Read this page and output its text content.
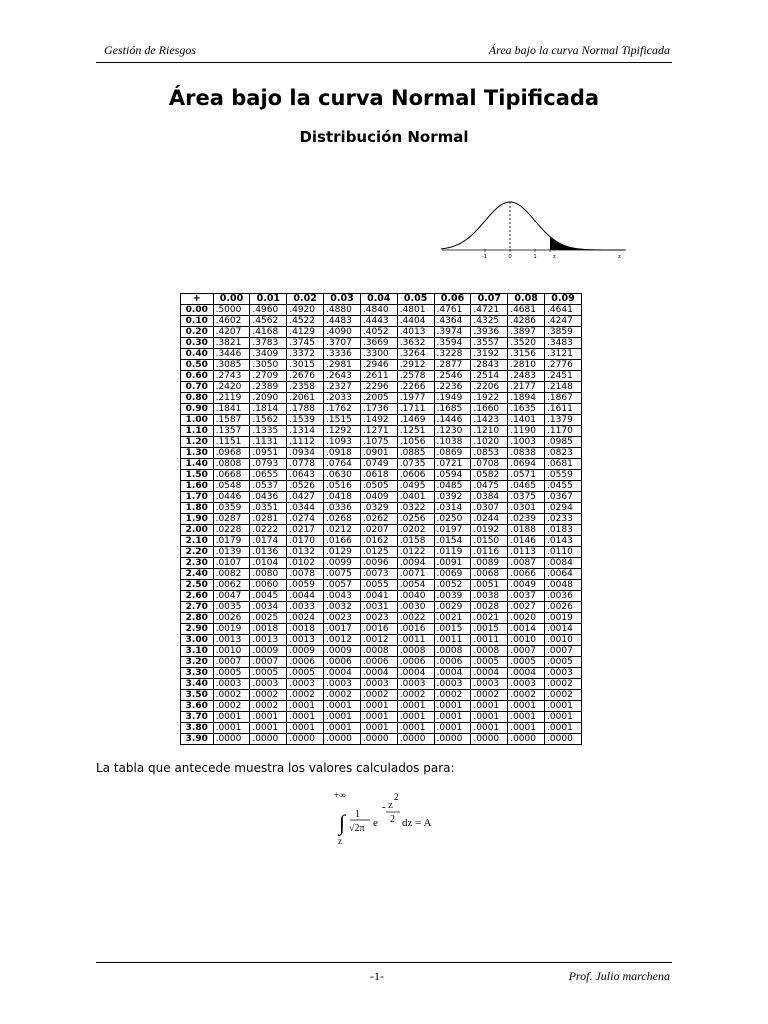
Gestión de Riesgos	Área bajo la curva Normal Tipificada
Área bajo la curva Normal Tipificada
Distribución Normal
-1	0	1	z	z
+	0.00	0.01	0.02	0.03	0.04	0.05	0.06	0.07	0.08	0.09
0.00	.5000	.4960	.4920	.4880	.4840	.4801	.4761	.4721	.4681	.4641
0.10	.4602	.4562	.4522	.4483	.4443	.4404	.4364	.4325	.4286	.4247
0.20	.4207	.4168	.4129	.4090	.4052	.4013	.3974	.3936	.3897	.3859
0.30	.3821	.3783	.3745	.3707	.3669	.3632	.3594	.3557	.3520	.3483
0.40	.3446	.3409	.3372	.3336	.3300	.3264	.3228	.3192	.3156	.3121
0.50	.3085	.3050	.3015	.2981	.2946	.2912	.2877	.2843	.2810	.2776
0.60	.2743	.2709	.2676	.2643	.2611	.2578	.2546	.2514	.2483	.2451
0.70	.2420	.2389	.2358	.2327	.2296	.2266	.2236	.2206	.2177	.2148
0.80	.2119	.2090	.2061	.2033	.2005	.1977	.1949	.1922	.1894	.1867
0.90	.1841	.1814	.1788	.1762	.1736	.1711	.1685	.1660	.1635	.1611
1.00	.1587	.1562	.1539	.1515	.1492	.1469	.1446	.1423	.1401	.1379
1.10	.1357	.1335	.1314	.1292	.1271	.1251	.1230	.1210	.1190	.1170
1.20	.1151	.1131	.1112	.1093	.1075	.1056	.1038	.1020	.1003	.0985
1.30	.0968	.0951	.0934	.0918	.0901	.0885	.0869	.0853	.0838	.0823
1.40	.0808	.0793	.0778	.0764	.0749	.0735	.0721	.0708	.0694	.0681
1.50	.0668	.0655	.0643	.0630	.0618	.0606	.0594	.0582	.0571	.0559
1.60	.0548	.0537	.0526	.0516	.0505	.0495	.0485	.0475	.0465	.0455
1.70	.0446	.0436	.0427	.0418	.0409	.0401	.0392	.0384	.0375	.0367
1.80	.0359	.0351	.0344	.0336	.0329	.0322	.0314	.0307	.0301	.0294
1.90	.0287	.0281	.0274	.0268	.0262	.0256	.0250	.0244	.0239	.0233
2.00	.0228	.0222	.0217	.0212	.0207	.0202	.0197	.0192	.0188	.0183
2.10	.0179	.0174	.0170	.0166	.0162	.0158	.0154	.0150	.0146	.0143
2.20	.0139	.0136	.0132	.0129	.0125	.0122	.0119	.0116	.0113	.0110
2.30	.0107	.0104	.0102	.0099	.0096	.0094	.0091	.0089	.0087	.0084
2.40	.0082	.0080	.0078	.0075	.0073	.0071	.0069	.0068	.0066	.0064
2.50	.0062	.0060	.0059	.0057	.0055	.0054	.0052	.0051	.0049	.0048
2.60	.0047	.0045	.0044	.0043	.0041	.0040	.0039	.0038	.0037	.0036
2.70	.0035	.0034	.0033	.0032	.0031	.0030	.0029	.0028	.0027	.0026
2.80	.0026	.0025	.0024	.0023	.0023	.0022	.0021	.0021	.0020	.0019
2.90	.0019	.0018	.0018	.0017	.0016	.0016	.0015	.0015	.0014	.0014
3.00	.0013	.0013	.0013	.0012	.0012	.0011	.0011	.0011	.0010	.0010
3.10	.0010	.0009	.0009	.0009	.0008	.0008	.0008	.0008	.0007	.0007
3.20	.0007	.0007	.0006	.0006	.0006	.0006	.0006	.0005	.0005	.0005
3.30	.0005	.0005	.0005	.0004	.0004	.0004	.0004	.0004	.0004	.0003
3.40	.0003	.0003	.0003	.0003	.0003	.0003	.0003	.0003	.0003	.0002
3.50	.0002	.0002	.0002	.0002	.0002	.0002	.0002	.0002	.0002	.0002
3.60	.0002	.0002	.0001	.0001	.0001	.0001	.0001	.0001	.0001	.0001
3.70	.0001	.0001	.0001	.0001	.0001	.0001	.0001	.0001	.0001	.0001
3.80	.0001	.0001	.0001	.0001	.0001	.0001	.0001	.0001	.0001	.0001
3.90	.0000	.0000	.0000	.0000	.0000	.0000	.0000	.0000	.0000	.0000
La tabla que antecede muestra los valores calculados para:
+∞
∫
z
1
√2π e
- z
2
2 dz = A
-1-	Prof. Julio marchena
